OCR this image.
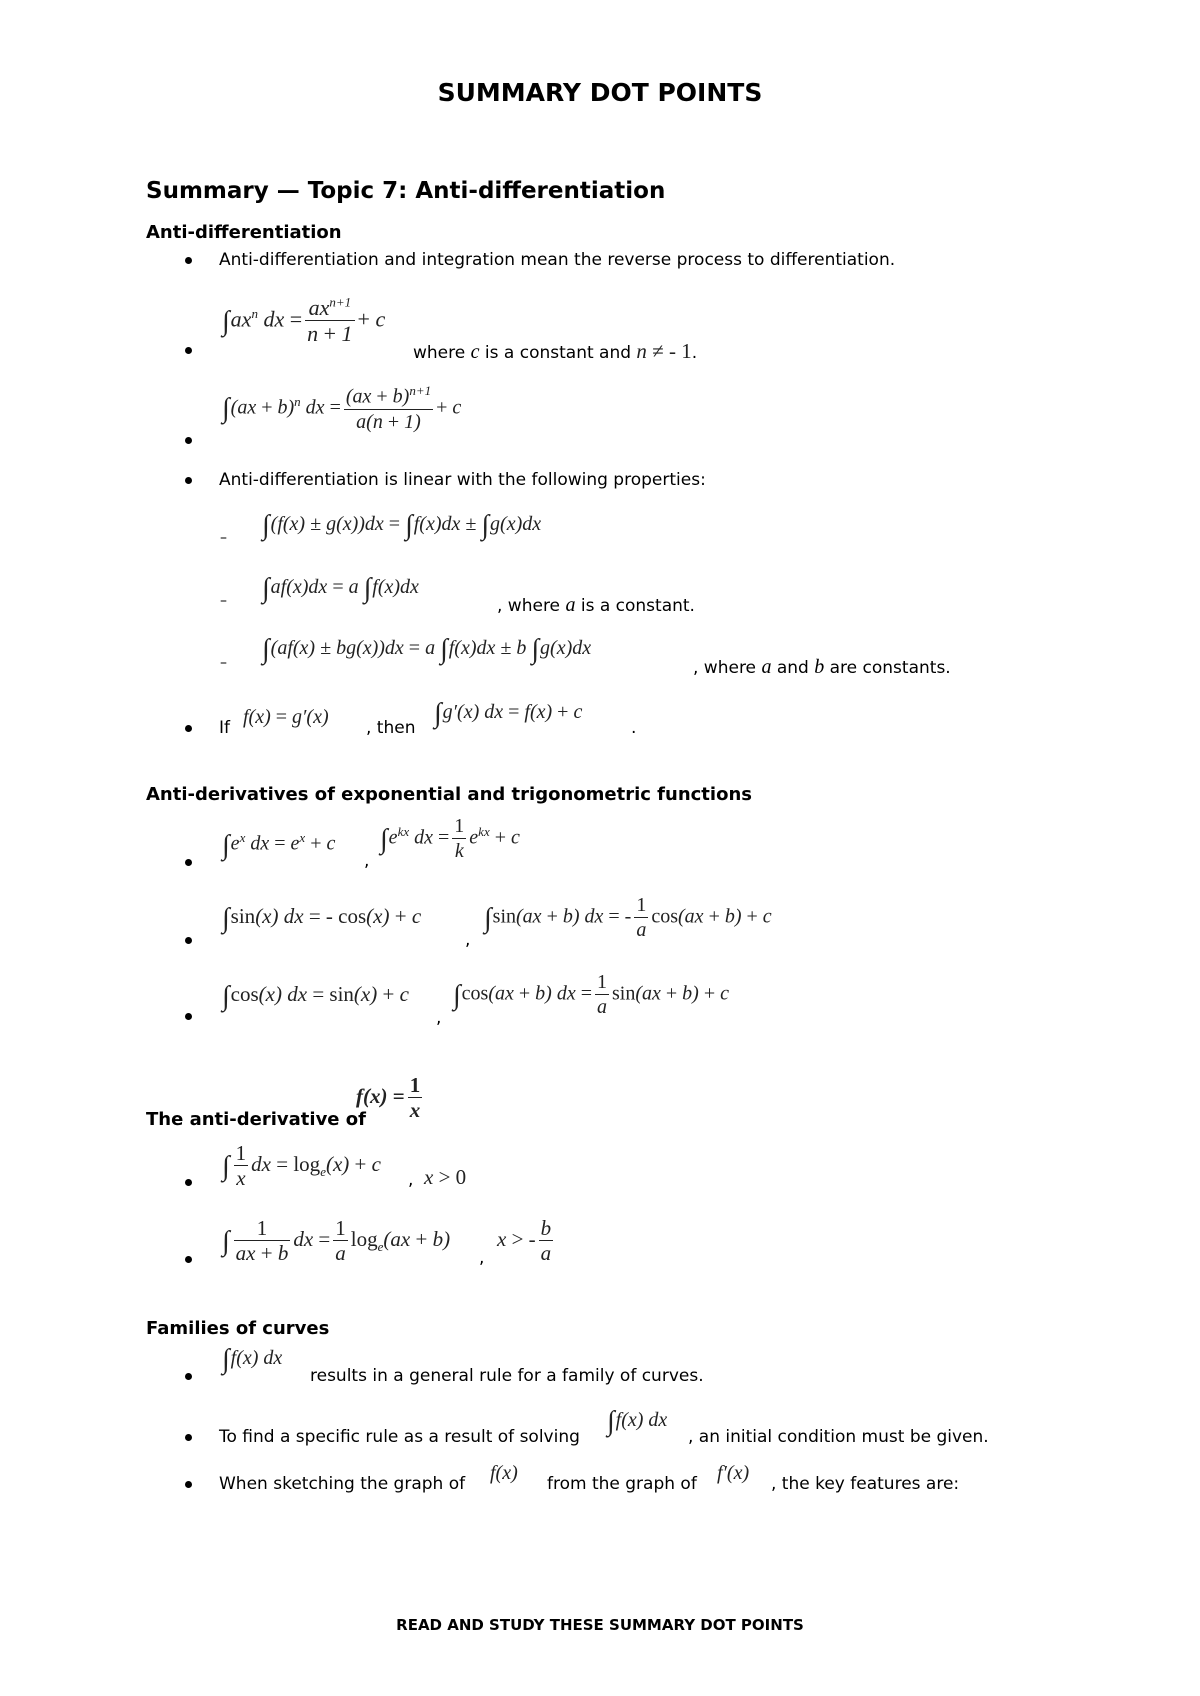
SUMMARY DOT POINTS
Summary — Topic 7: Anti-differentiation
Anti-differentiation
Anti-differentiation and integration mean the reverse process to differentiation.
$\int ax^n$ dx = $\frac{ax^{n+1}}{n + 1} + c$
where c is a constant and n ≠ - 1.
∫(ax + b)$^n$ dx = $\frac{(ax + b)^{n+1}}{a(n + 1)} + c$
Anti-differentiation is linear with the following properties:
– ∫(f(x) ± g(x))dx = ∫f(x)dx ± ∫g(x)dx
– ∫af(x)dx = a ∫f(x)dx
, where a is a constant.
– ∫(af(x) ± bg(x))dx = a ∫f(x)dx ± b ∫g(x)dx
, where a and b are constants.
If f(x) = g′(x) , then ∫g′(x) dx = f(x) + c
.
Anti-derivatives of exponential and trigonometric functions
$\int e^x$ dx = $e^x + c$
,
$\int e^{kx}$ dx = $\frac{1}{k} e^{kx} + c$
∫sin(x) dx = - cos(x) + c
,
∫sin(ax + b) dx = - $\frac{1}{a} \cos(ax + b) + c$
∫cos(x) dx = sin(x) + c
,
∫cos(ax + b) dx = $\frac{1}{a} \sin(ax + b) + c$
The anti-derivative of
$f(x) = \frac{1}{x}$
∫ $\frac{1}{x}$ dx = $\log_e(x) + c$
, x > 0
∫ $\frac{1}{ax + b}$ dx = $\frac{1}{a} \log_e(ax + b)$
,
x > - $\frac{b}{a}$
Families of curves
∫f(x) dx
results in a general rule for a family of curves.
To find a specific rule as a result of solving ∫f(x) dx
, an initial condition must be given.
When sketching the graph of f(x) from the graph of f′(x) , the key features are:
READ AND STUDY THESE SUMMARY DOT POINTS
